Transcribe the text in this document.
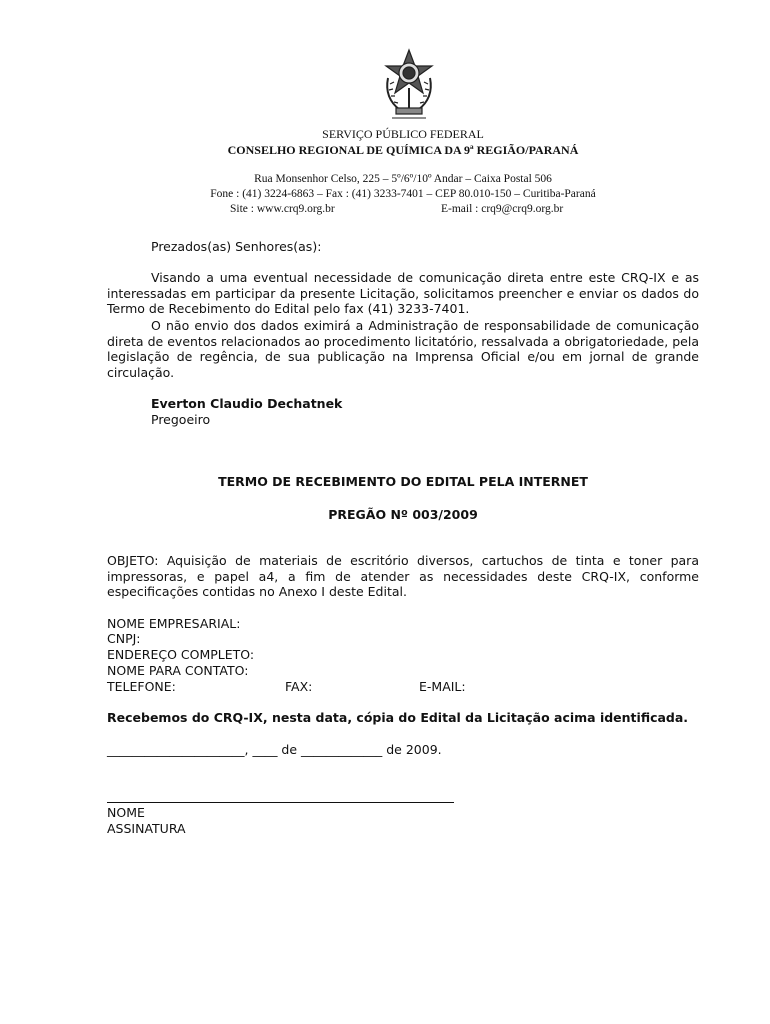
SERVIÇO PÚBLICO FEDERAL
CONSELHO REGIONAL DE QUÍMICA DA 9ª REGIÃO/PARANÁ
Rua Monsenhor Celso, 225 – 5º/6º/10º Andar – Caixa Postal 506
Fone : (41) 3224-6863 – Fax : (41) 3233-7401 – CEP 80.010-150 – Curitiba-Paraná
Site : www.crq9.org.br	E-mail : crq9@crq9.org.br
Prezados(as) Senhores(as):
Visando a uma eventual necessidade de comunicação direta entre este CRQ-IX e as interessadas em participar da presente Licitação, solicitamos preencher e enviar os dados do Termo de Recebimento do Edital pelo fax (41) 3233-7401.
O não envio dos dados eximirá a Administração de responsabilidade de comunicação direta de eventos relacionados ao procedimento licitatório, ressalvada a obrigatoriedade, pela legislação de regência, de sua publicação na Imprensa Oficial e/ou em jornal de grande circulação.
Everton Claudio Dechatnek
Pregoeiro
TERMO DE RECEBIMENTO DO EDITAL PELA INTERNET
PREGÃO Nº 003/2009
OBJETO: Aquisição de materiais de escritório diversos, cartuchos de tinta e toner para impressoras, e papel a4, a fim de atender as necessidades deste CRQ-IX, conforme especificações contidas no Anexo I deste Edital.
NOME EMPRESARIAL:
CNPJ:
ENDEREÇO COMPLETO:
NOME PARA CONTATO:
TELEFONE:	FAX:	E-MAIL:
Recebemos do CRQ-IX, nesta data, cópia do Edital da Licitação acima identificada.
______________________, ____ de _____________ de 2009.
NOME
ASSINATURA
